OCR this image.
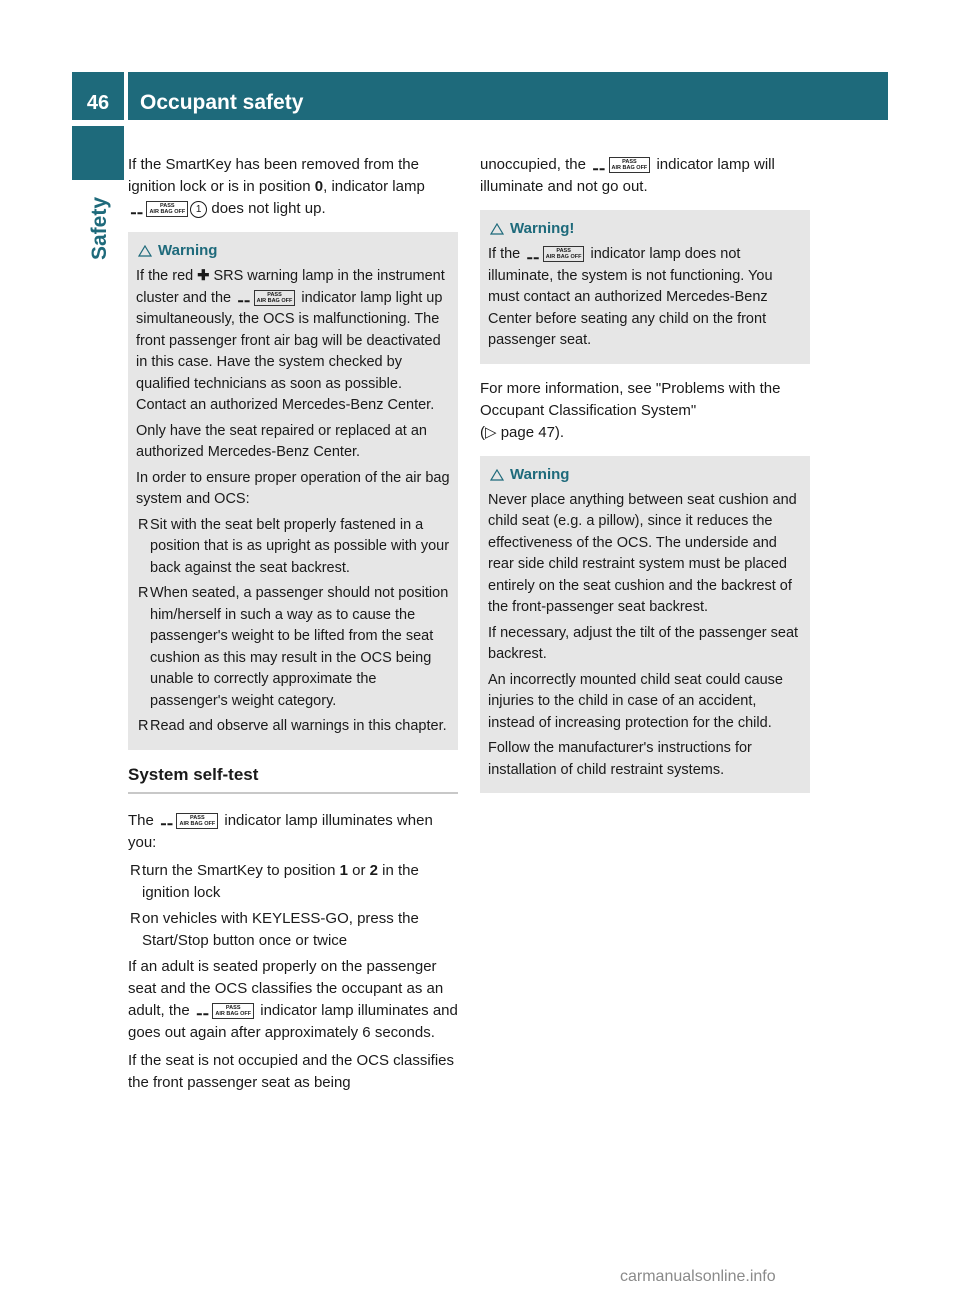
46	Occupant safety
Safety

If the SmartKey has been removed from the ignition lock or is in position 0, indicator lamp
⚋	PASS
AIR BAG OFF	1 does not light up.

Warning

If the red ✚ SRS warning lamp in the instrument cluster and the ⚋	PASS
AIR BAG OFF indicator lamp light up simultaneously, the OCS is malfunctioning. The front passenger front air bag will be deactivated in this case. Have the system checked by qualified technicians as soon as possible. Contact an authorized Mercedes-Benz Center.

Only have the seat repaired or replaced at an authorized Mercedes-Benz Center.

In order to ensure proper operation of the air bag system and OCS:

R Sit with the seat belt properly fastened in a position that is as upright as possible with your back against the seat backrest.
R When seated, a passenger should not position him/herself in such a way as to cause the passenger's weight to be lifted from the seat cushion as this may result in the OCS being unable to correctly approximate the passenger's weight category.
R Read and observe all warnings in this chapter.
System self-test

The ⚋	PASS
AIR BAG OFF indicator lamp illuminates when you:

R turn the SmartKey to position 1 or 2 in the ignition lock
R on vehicles with KEYLESS-GO, press the Start/Stop button once or twice

If an adult is seated properly on the passenger seat and the OCS classifies the occupant as an adult, the ⚋	PASS
AIR BAG OFF indicator lamp illuminates and goes out again after approximately 6 seconds.

If the seat is not occupied and the OCS classifies the front passenger seat as being

unoccupied, the ⚋	PASS
AIR BAG OFF indicator lamp will illuminate and not go out.

Warning!

If the ⚋	PASS
AIR BAG OFF indicator lamp does not illuminate, the system is not functioning. You must contact an authorized Mercedes-Benz Center before seating any child on the front passenger seat.

For more information, see "Problems with the Occupant Classification System"
(▷ page 47).

Warning

Never place anything between seat cushion and child seat (e.g. a pillow), since it reduces the effectiveness of the OCS. The underside and rear side child restraint system must be placed entirely on the seat cushion and the backrest of the front-passenger seat backrest.

If necessary, adjust the tilt of the passenger seat backrest.

An incorrectly mounted child seat could cause injuries to the child in case of an accident, instead of increasing protection for the child.

Follow the manufacturer's instructions for installation of child restraint systems.

carmanualsonline.info
